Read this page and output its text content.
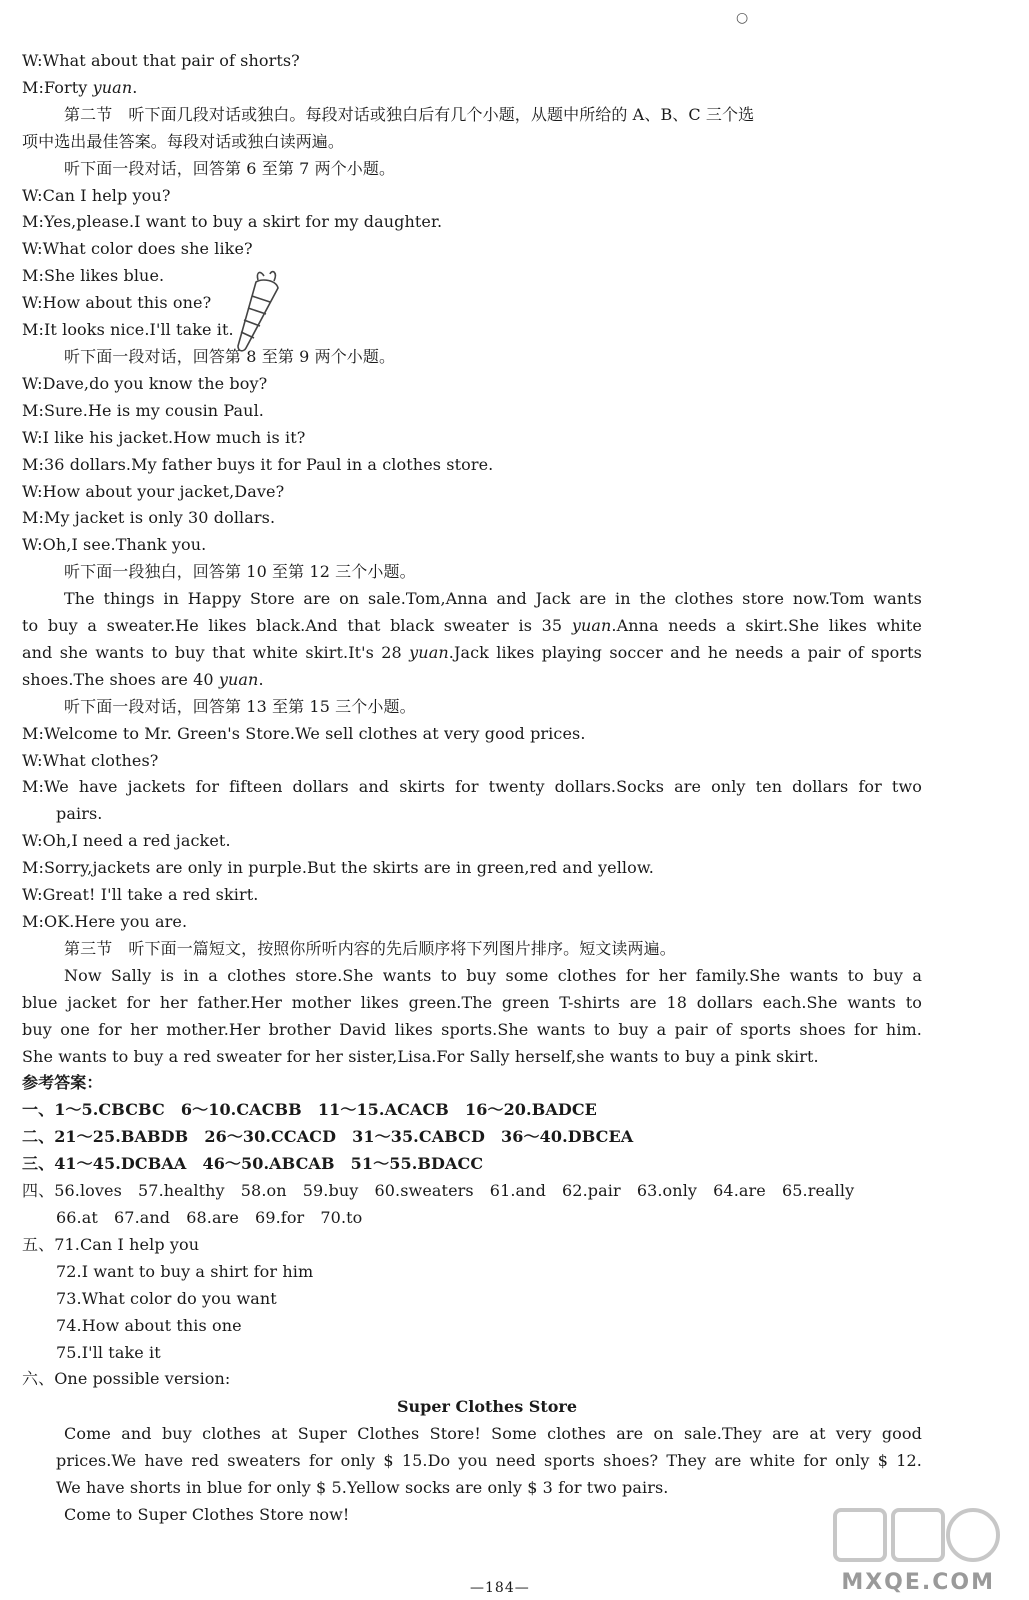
○
W:What about that pair of shorts?
M:Forty yuan.
第二节　听下面几段对话或独白。每段对话或独白后有几个小题，从题中所给的 A、B、C 三个选
项中选出最佳答案。每段对话或独白读两遍。
听下面一段对话，回答第 6 至第 7 两个小题。
W:Can I help you?
M:Yes,please.I want to buy a skirt for my daughter.
W:What color does she like?
M:She likes blue.
W:How about this one?
M:It looks nice.I'll take it.
听下面一段对话，回答第 8 至第 9 两个小题。
W:Dave,do you know the boy?
M:Sure.He is my cousin Paul.
W:I like his jacket.How much is it?
M:36 dollars.My father buys it for Paul in a clothes store.
W:How about your jacket,Dave?
M:My jacket is only 30 dollars.
W:Oh,I see.Thank you.
听下面一段独白，回答第 10 至第 12 三个小题。
The things in Happy Store are on sale.Tom,Anna and Jack are in the clothes store now.Tom wants
to buy a sweater.He likes black.And that black sweater is 35 yuan.Anna needs a skirt.She likes white
and she wants to buy that white skirt.It's 28 yuan.Jack likes playing soccer and he needs a pair of sports
shoes.The shoes are 40 yuan.
听下面一段对话，回答第 13 至第 15 三个小题。
M:Welcome to Mr. Green's Store.We sell clothes at very good prices.
W:What clothes?
M:We have jackets for fifteen dollars and skirts for twenty dollars.Socks are only ten dollars for two
pairs.
W:Oh,I need a red jacket.
M:Sorry,jackets are only in purple.But the skirts are in green,red and yellow.
W:Great! I'll take a red skirt.
M:OK.Here you are.
第三节　听下面一篇短文，按照你所听内容的先后顺序将下列图片排序。短文读两遍。
Now Sally is in a clothes store.She wants to buy some clothes for her family.She wants to buy a
blue jacket for her father.Her mother likes green.The green T-shirts are 18 dollars each.She wants to
buy one for her mother.Her brother David likes sports.She wants to buy a pair of sports shoes for him.
She wants to buy a red sweater for her sister,Lisa.For Sally herself,she wants to buy a pink skirt.
参考答案：
一、1～5.CBCBC　6～10.CACBB　11～15.ACACB　16～20.BADCE
二、21～25.BABDB　26～30.CCACD　31～35.CABCD　36～40.DBCEA
三、41～45.DCBAA　46～50.ABCAB　51～55.BDACC
四、56.loves　57.healthy　58.on　59.buy　60.sweaters　61.and　62.pair　63.only　64.are　65.really
66.at　67.and　68.are　69.for　70.to
五、71.Can I help you
72.I want to buy a shirt for him
73.What color do you want
74.How about this one
75.I'll take it
六、One possible version:
Super Clothes Store
Come and buy clothes at Super Clothes Store! Some clothes are on sale.They are at very good
prices.We have red sweaters for only $ 15.Do you need sports shoes? They are white for only $ 12.
We have shorts in blue for only $ 5.Yellow socks are only $ 3 for two pairs.
Come to Super Clothes Store now!
MXQE.COM
—184—
